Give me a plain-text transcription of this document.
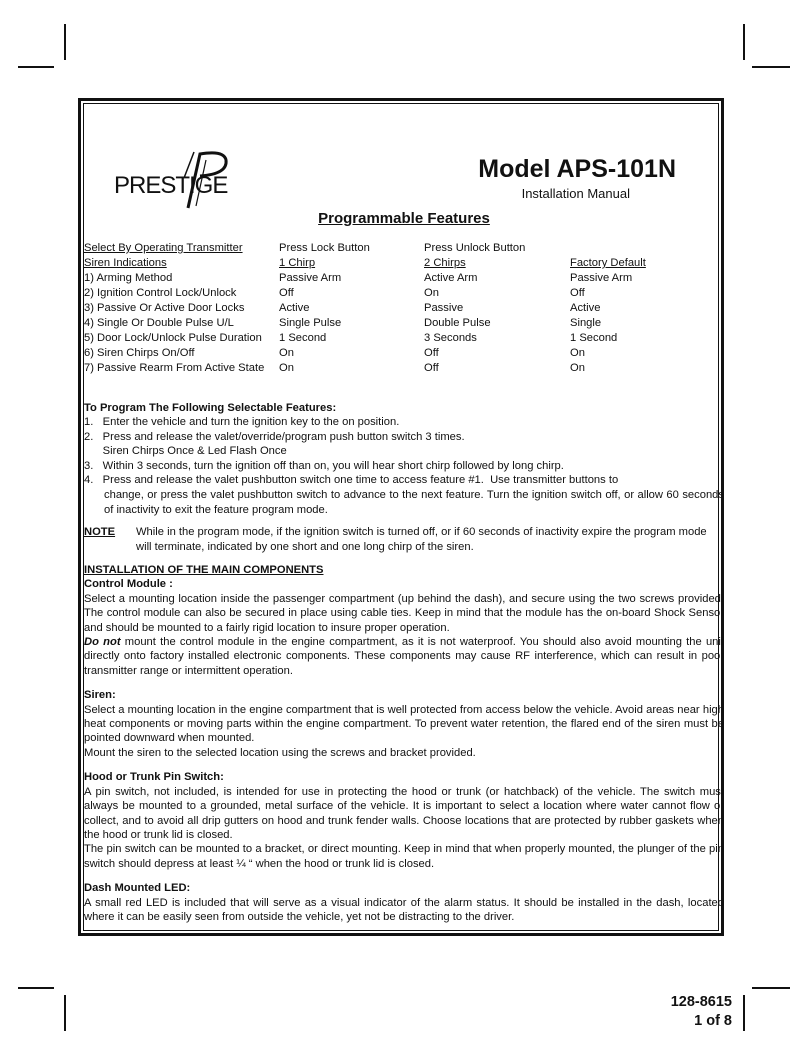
PRESTIGE
Model APS-101N
Installation Manual
Programmable Features
Select By Operating Transmitter	Press Lock Button	Press Unlock Button	
Siren Indications	1 Chirp	2 Chirps	Factory Default
1) Arming Method	Passive Arm	Active Arm	Passive Arm
2) Ignition Control Lock/Unlock	Off	On	Off
3) Passive Or Active Door Locks	Active	Passive	Active
4) Single Or Double Pulse U/L	Single Pulse	Double Pulse	Single
5) Door Lock/Unlock Pulse Duration	1 Second	3 Seconds	1 Second
6) Siren Chirps On/Off	On	Off	On
7) Passive Rearm From Active State	On	Off	On

To Program The Following Selectable Features:

1.   Enter the vehicle and turn the ignition key to the on position.
2.   Press and release the valet/override/program push button switch 3 times.
Siren Chirps Once & Led Flash Once
3.   Within 3 seconds, turn the ignition off than on, you will hear short chirp followed by long chirp.
4.   Press and release the valet pushbutton switch one time to access feature #1.  Use transmitter buttons to

change, or press the valet pushbutton switch to advance to the next feature. Turn the ignition switch off, or allow 60 seconds of inactivity to exit the feature program mode.

NOTE	While in the program mode, if the ignition switch is turned off, or if 60 seconds of inactivity expire the program mode will terminate, indicated by one short and one long chirp of the siren.

INSTALLATION OF THE MAIN COMPONENTS

Control Module :

Select a mounting location inside the passenger compartment (up behind the dash), and secure using the two screws provided. The control module can also be secured in place using cable ties. Keep in mind that the module has the on-board Shock Sensor and should be mounted to a fairly rigid location to insure proper operation.

Do not mount the control module in the engine compartment, as it is not waterproof. You should also avoid mounting the unit directly onto factory installed electronic components. These components may cause RF interference, which can result in poor transmitter range or intermittent operation.

Siren:

Select a mounting location in the engine compartment that is well protected from access below the vehicle. Avoid areas near high heat components or moving parts within the engine compartment. To prevent water retention, the flared end of the siren must be pointed downward when mounted.

Mount the siren to the selected location using the screws and bracket provided.

Hood or Trunk Pin Switch:

A pin switch, not included, is intended for use in protecting the hood or trunk (or hatchback) of the vehicle. The switch must always be mounted to a grounded, metal surface of the vehicle. It is important to select a location where water cannot flow or collect, and to avoid all drip gutters on hood and trunk fender walls. Choose locations that are protected by rubber gaskets when the hood or trunk lid is closed.

The pin switch can be mounted to a bracket, or direct mounting. Keep in mind that when properly mounted, the plunger of the pin switch should depress at least ¼ “ when the hood or trunk lid is closed.

Dash Mounted LED:

A small red LED is included that will serve as a visual indicator of the alarm status. It should be installed in the dash, located where it can be easily seen from outside the vehicle, yet not be distracting to the driver.

128-8615
1 of 8
